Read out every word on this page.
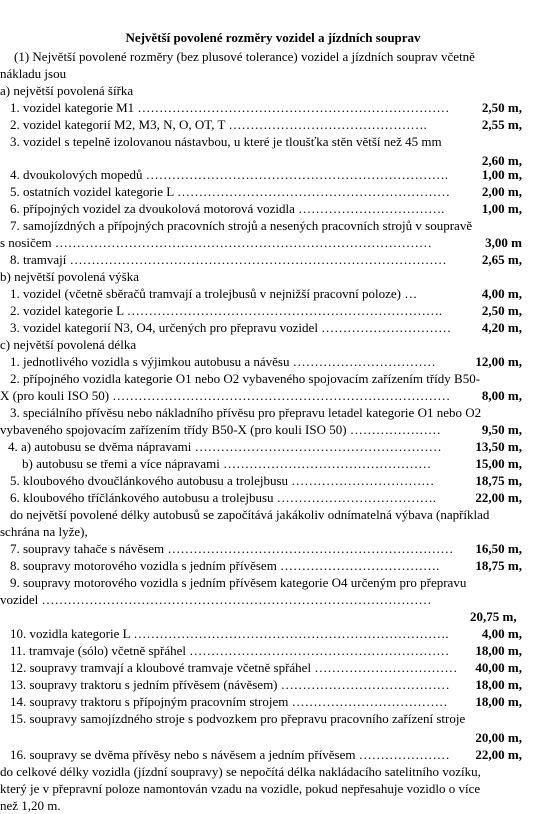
Největší povolené rozměry vozidel a jízdních souprav
(1) Největší povolené rozměry (bez plusové tolerance) vozidel a jízdních souprav včetně
nákladu jsou
a) největší povolená šířka
1. vozidel kategorie M1 ……………………………………………………………… 2,50 m,
2. vozidel kategorií M2, M3, N, O, OT, T ……………………………………….	2,55 m,
3. vozidel s tepelně izolovanou nástavbou, u které je tloušťka stěn větší než 45 mm
2,60 m,
4. dvoukolových mopedů …………………………………………………………….	1,00 m,
5. ostatních vozidel kategorie L ……………………………………………………… 2,00 m,
6. přípojných vozidel za dvoukolová motorová vozidla …………………………….	1,00 m,
7. samojízdných a přípojných pracovních strojů a nesených pracovních strojů v soupravě
s nosičem ……………………………………………………………………………	3,00 m
8. tramvají ……………………………………………………………………………	2,65 m,
b) největší povolená výška
1. vozidel (včetně sběračů tramvají a trolejbusů v nejnižší pracovní poloze) …	4,00 m,
2. vozidel kategorie L ……………………………………………………………….	2,50 m,
3. vozidel kategorií N3, O4, určených pro přepravu vozidel ………………………… 4,20 m,
c) největší povolená délka
1. jednotlivého vozidla s výjimkou autobusu a návěsu ……………………………	12,00 m,
2. přípojného vozidla kategorie O1 nebo O2 vybaveného spojovacím zařízením třídy B50-
X (pro kouli ISO 50) …………………………………………………………………… 8,00 m,
3. speciálního přívěsu nebo nákladního přívěsu pro přepravu letadel kategorie O1 nebo O2
vybaveného spojovacím zařízením třídy B50-X (pro kouli ISO 50) …………………	9,50 m,
4. a) autobusu se dvěma nápravami …………………………………………………	13,50 m,
b) autobusu se třemi a více nápravami …………………………………………	15,00 m,
5. kloubového dvoučlánkového autobusu a trolejbusu ……………………………	18,75 m,
6. kloubového tříčlánkového autobusu a trolejbusu ……………………………….	22,00 m,
do největší povolené délky autobusů se započítává jakákoliv odnímatelná výbava (například
schrána na lyže),
7. soupravy tahače s návěsem ………………………………………………………… 16,50 m,
8. soupravy motorového vozidla s jedním přívěsem ……………………………….	18,75 m,
9. soupravy motorového vozidla s jedním přívěsem kategorie O4 určeným pro přepravu
vozidel ………………………………………………………………………………
20,75 m,
10. vozidla kategorie L ……………………………………………………………….	4,00 m,
11. tramvaje (sólo) včetně spřáhel …………………………………………………… 18,00 m,
12. soupravy tramvají a kloubové tramvaje včetně spřáhel …………………………… 40,00 m,
13. soupravy traktoru s jedním přívěsem (návěsem) ………………………………… 18,00 m,
14. soupravy traktoru s přípojným pracovním strojem ……………………………… 18,00 m,
15. soupravy samojízdného stroje s podvozkem pro přepravu pracovního zařízení stroje
20,00 m,
16. soupravy se dvěma přívěsy nebo s návěsem a jedním přívěsem ………………… 22,00 m,
do celkové délky vozidla (jízdní soupravy) se nepočítá délka nakládacího satelitního vozíku,
který je v přepravní poloze namontován vzadu na vozidle, pokud nepřesahuje vozidlo o více
než 1,20 m.
